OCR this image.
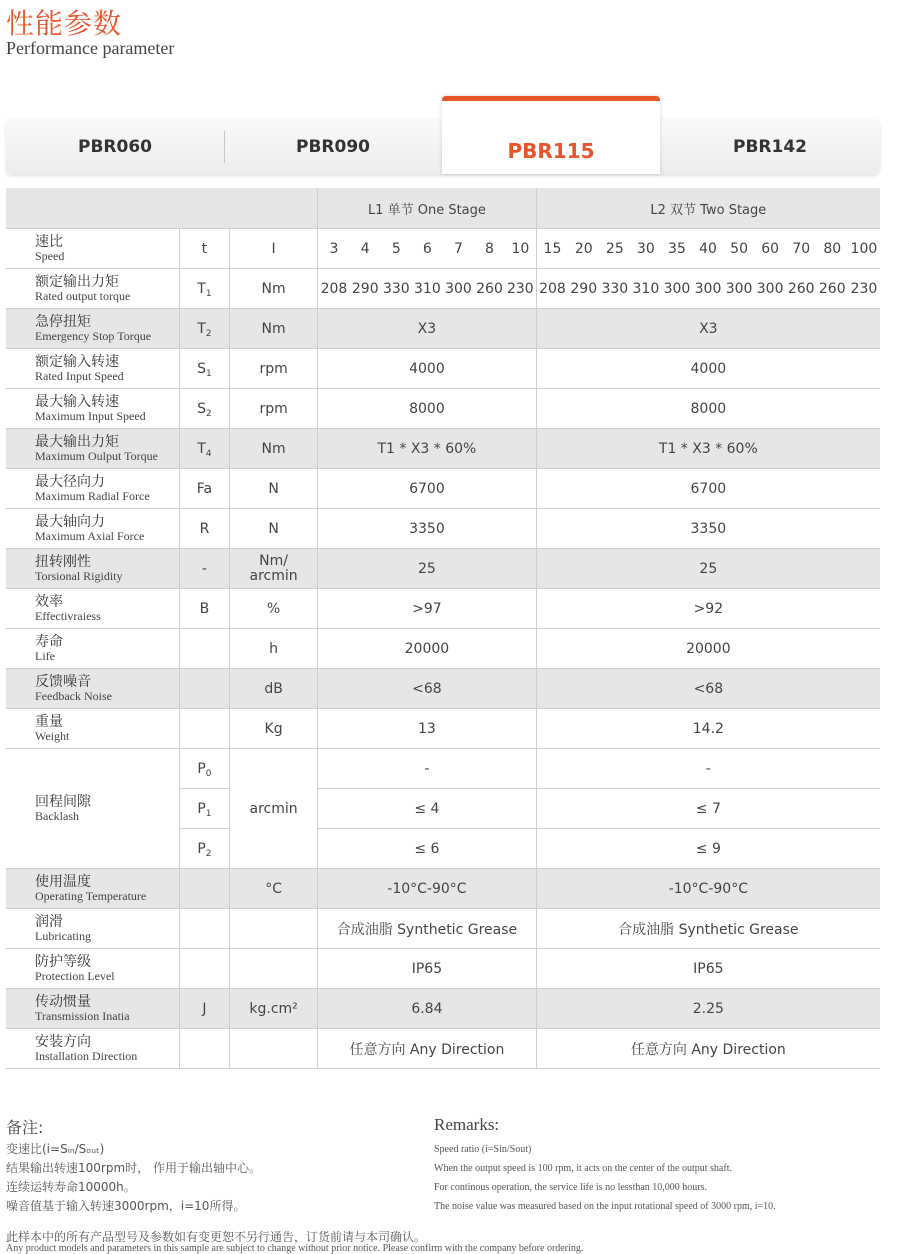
性能参数
Performance parameter
PBR060	PBR090	PBR115	PBR142
			L1 单节 One Stage							L2 双节 Two Stage										

速比
Speed	t	I	3	4	5	6	7	8	10	15	20	25	30	35	40	50	60	70	80	100

额定输出力矩
Rated output torque	$T_1$	Nm	208	290	330	310	300	260	230	208	290	330	310	300	300	300	300	260	260	230

急停扭矩
Emergency Stop Torque	$T_2$	Nm	X3							X3										

额定输入转速
Rated Input Speed	$S_1$	rpm	4000							4000										

最大输入转速
Maximum Input Speed	$S_2$	rpm	8000							8000										

最大输出力矩
Maximum Oulput Torque	$T_4$	Nm	T1 * X3 * 60%							T1 * X3 * 60%										

最大径向力
Maximum Radial Force	Fa	N	6700							6700										

最大轴向力
Maximum Axial Force	R	N	3350							3350										

扭转刚性
Torsional Rigidity	-	Nm/
arcmin	25							25										

效率
Effectivraiess	B	%	>97							>92										

寿命
Life		h	20000							20000										

反馈噪音
Feedback Noise		dB	<68							<68										

重量
Weight		Kg	13							14.2										

回程间隙
Backlash	$P_0$	arcmin	-							-										
	$P_1$		≤ 4							≤ 7										
	$P_2$		≤ 6							≤ 9										

使用温度
Operating Temperature		°C	-10°C-90°C							-10°C-90°C										

润滑
Lubricating			合成油脂 Synthetic Grease							合成油脂 Synthetic Grease										

防护等级
Protection Level			IP65							IP65										

传动惯量
Transmission Inatia	J	kg.cm²	6.84							2.25										

安装方向
Installation Direction			任意方向 Any Direction							任意方向 Any Direction										
备注:
变速比(i=Sᵢₙ/Sₒᵤₜ)
结果输出转速100rpm时， 作用于输出轴中心。
连续运转寿命10000h。
噪音值基于输入转速3000rpm，i=10所得。
Remarks:
Speed ratio (i=Sin/Sout)
When the output speed is 100 rpm, it acts on the center of the output shaft.
For continous operation, the service life is no lessthan 10,000 hours.
The noise value was measured based on the input rotational speed of 3000 rpm, i=10.
此样本中的所有产品型号及参数如有变更恕不另行通告，订货前请与本司确认。
Any product models and parameters in this sample are subject to change without prior notice. Please confirm with the company before ordering.
